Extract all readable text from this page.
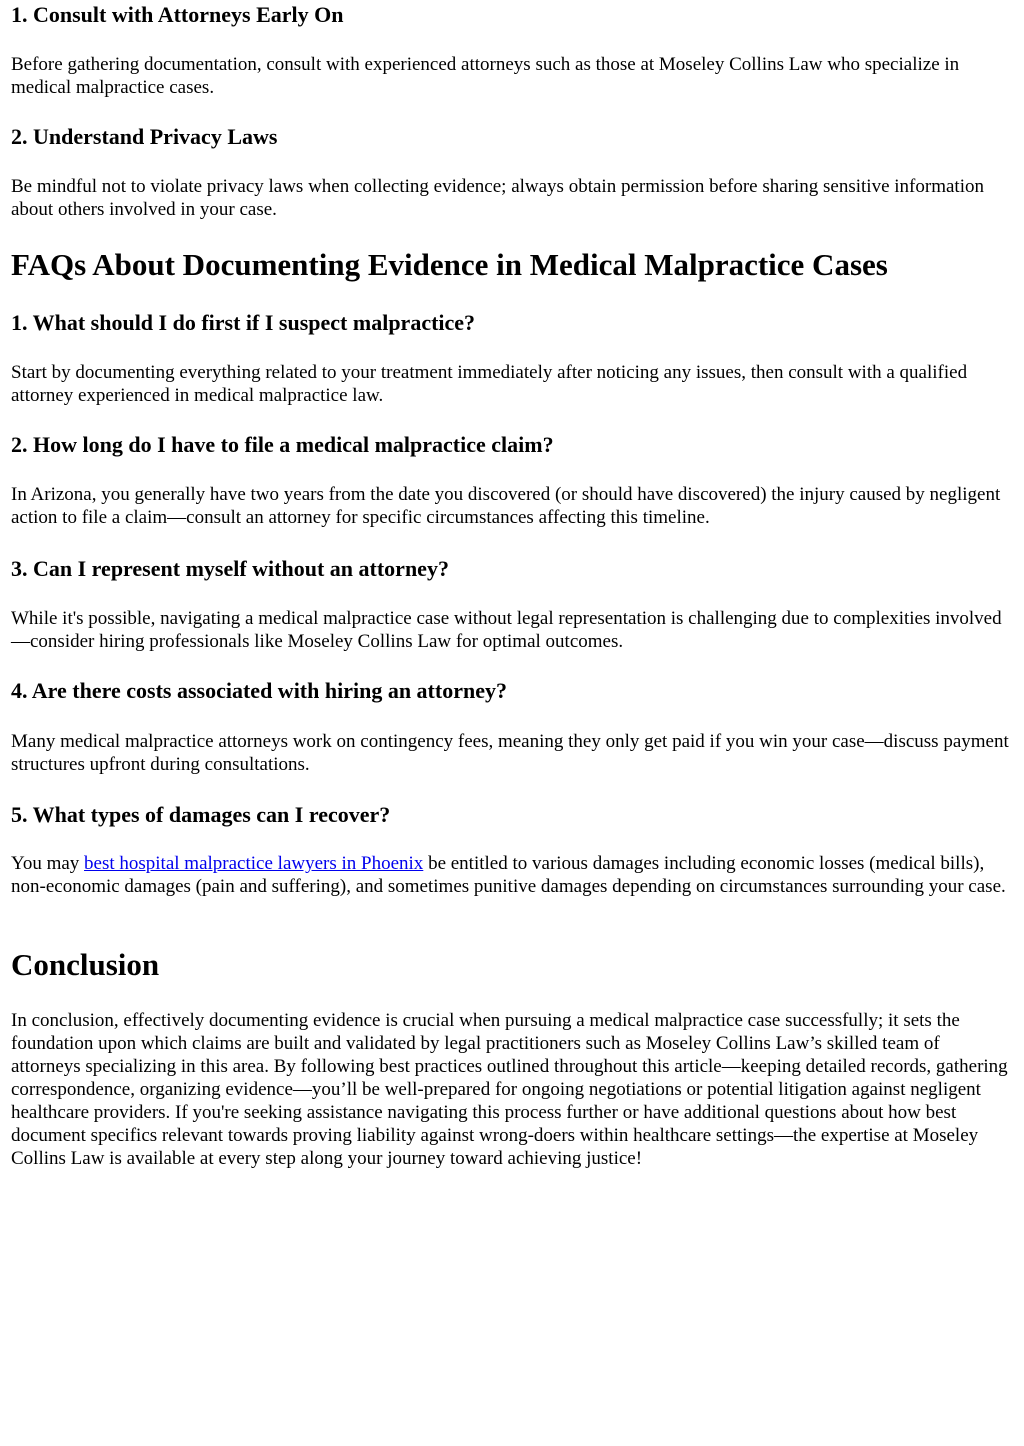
1. Consult with Attorneys Early On

Before gathering documentation, consult with experienced attorneys such as those at Moseley Collins Law who specialize in medical malpractice cases.

2. Understand Privacy Laws

Be mindful not to violate privacy laws when collecting evidence; always obtain permission before sharing sensitive information about others involved in your case.

FAQs About Documenting Evidence in Medical Malpractice Cases
1. What should I do first if I suspect malpractice?

Start by documenting everything related to your treatment immediately after noticing any issues, then consult with a qualified attorney experienced in medical malpractice law.

2. How long do I have to file a medical malpractice claim?

In Arizona, you generally have two years from the date you discovered (or should have discovered) the injury caused by negligent action to file a claim—consult an attorney for specific circumstances affecting this timeline.

3. Can I represent myself without an attorney?

While it's possible, navigating a medical malpractice case without legal representation is challenging due to complexities involved—consider hiring professionals like Moseley Collins Law for optimal outcomes.

4. Are there costs associated with hiring an attorney?

Many medical malpractice attorneys work on contingency fees, meaning they only get paid if you win your case—discuss payment structures upfront during consultations.

5. What types of damages can I recover?

You may best hospital malpractice lawyers in Phoenix be entitled to various damages including economic losses (medical bills), non-economic damages (pain and suffering), and sometimes punitive damages depending on circumstances surrounding your case.

Conclusion

In conclusion, effectively documenting evidence is crucial when pursuing a medical malpractice case successfully; it sets the foundation upon which claims are built and validated by legal practitioners such as Moseley Collins Law’s skilled team of attorneys specializing in this area. By following best practices outlined throughout this article—keeping detailed records, gathering correspondence, organizing evidence—you’ll be well-prepared for ongoing negotiations or potential litigation against negligent healthcare providers. If you're seeking assistance navigating this process further or have additional questions about how best document specifics relevant towards proving liability against wrong-doers within healthcare settings—the expertise at Moseley Collins Law is available at every step along your journey toward achieving justice!
